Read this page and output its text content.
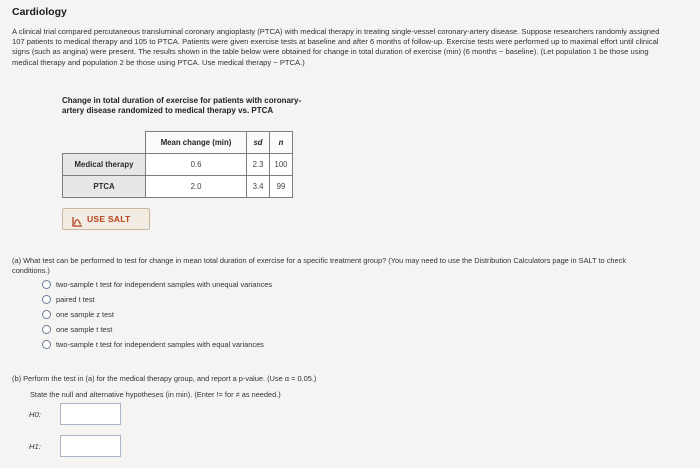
Cardiology
A clinical trial compared percutaneous transluminal coronary angioplasty (PTCA) with medical therapy in treating single-vessel coronary-artery disease. Suppose researchers randomly assigned 107 patients to medical therapy and 105 to PTCA. Patients were given exercise tests at baseline and after 6 months of follow-up. Exercise tests were performed up to maximal effort until clinical signs (such as angina) were present. The results shown in the table below were obtained for change in total duration of exercise (min) (6 months − baseline). (Let population 1 be those using medical therapy and population 2 be those using PTCA. Use medical therapy − PTCA.)
Change in total duration of exercise for patients with coronary-artery disease randomized to medical therapy vs. PTCA
	Mean change (min)	sd	n
Medical therapy	0.6	2.3	100
PTCA	2.0	3.4	99
USE SALT
(a) What test can be performed to test for change in mean total duration of exercise for a specific treatment group? (You may need to use the Distribution Calculators page in SALT to check conditions.)
two-sample t test for independent samples with unequal variances
paired t test
one sample z test
one sample t test
two-sample t test for independent samples with equal variances
(b) Perform the test in (a) for the medical therapy group, and report a p-value. (Use α = 0.05.)
State the null and alternative hypotheses (in min). (Enter != for ≠ as needed.)
H0:
H1:
